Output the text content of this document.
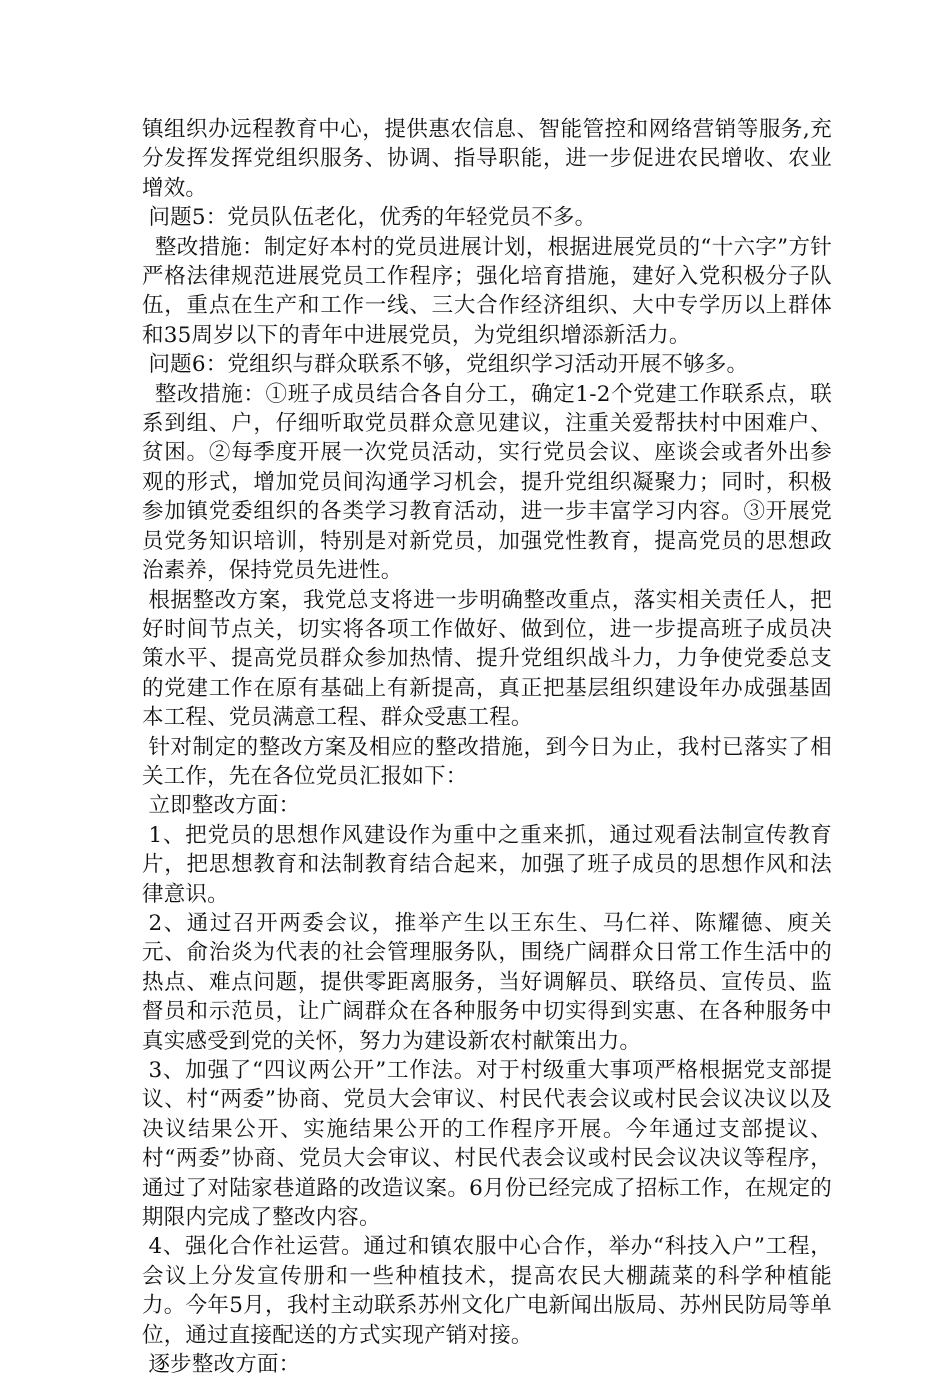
镇组织办远程教育中心，提供惠农信息、智能管控和网络营销等服务,充分发挥发挥党组织服务、协调、指导职能，进一步促进农民增收、农业增效。

问题5：党员队伍老化，优秀的年轻党员不多。

整改措施：制定好本村的党员进展计划，根据进展党员的“十六字”方针严格法律规范进展党员工作程序；强化培育措施，建好入党积极分子队伍，重点在生产和工作一线、三大合作经济组织、大中专学历以上群体和35周岁以下的青年中进展党员，为党组织增添新活力。

问题6：党组织与群众联系不够，党组织学习活动开展不够多。

整改措施：①班子成员结合各自分工，确定1-2个党建工作联系点，联系到组、户，仔细听取党员群众意见建议，注重关爱帮扶村中困难户、贫困。②每季度开展一次党员活动，实行党员会议、座谈会或者外出参观的形式，增加党员间沟通学习机会，提升党组织凝聚力；同时，积极参加镇党委组织的各类学习教育活动，进一步丰富学习内容。③开展党员党务知识培训，特别是对新党员，加强党性教育，提高党员的思想政治素养，保持党员先进性。

根据整改方案，我党总支将进一步明确整改重点，落实相关责任人，把好时间节点关，切实将各项工作做好、做到位，进一步提高班子成员决策水平、提高党员群众参加热情、提升党组织战斗力，力争使党委总支的党建工作在原有基础上有新提高，真正把基层组织建设年办成强基固本工程、党员满意工程、群众受惠工程。

针对制定的整改方案及相应的整改措施，到今日为止，我村已落实了相关工作，先在各位党员汇报如下：

立即整改方面：

1、把党员的思想作风建设作为重中之重来抓，通过观看法制宣传教育片，把思想教育和法制教育结合起来，加强了班子成员的思想作风和法律意识。

2、通过召开两委会议，推举产生以王东生、马仁祥、陈耀德、庾关元、俞治炎为代表的社会管理服务队，围绕广阔群众日常工作生活中的热点、难点问题，提供零距离服务，当好调解员、联络员、宣传员、监督员和示范员，让广阔群众在各种服务中切实得到实惠、在各种服务中真实感受到党的关怀，努力为建设新农村献策出力。

3、加强了“四议两公开”工作法。对于村级重大事项严格根据党支部提议、村“两委”协商、党员大会审议、村民代表会议或村民会议决议以及决议结果公开、实施结果公开的工作程序开展。今年通过支部提议、村“两委”协商、党员大会审议、村民代表会议或村民会议决议等程序，通过了对陆家巷道路的改造议案。6月份已经完成了招标工作，在规定的期限内完成了整改内容。

4、强化合作社运营。通过和镇农服中心合作，举办“科技入户”工程，会议上分发宣传册和一些种植技术，提高农民大棚蔬菜的科学种植能力。今年5月，我村主动联系苏州文化广电新闻出版局、苏州民防局等单位，通过直接配送的方式实现产销对接。

逐步整改方面：
